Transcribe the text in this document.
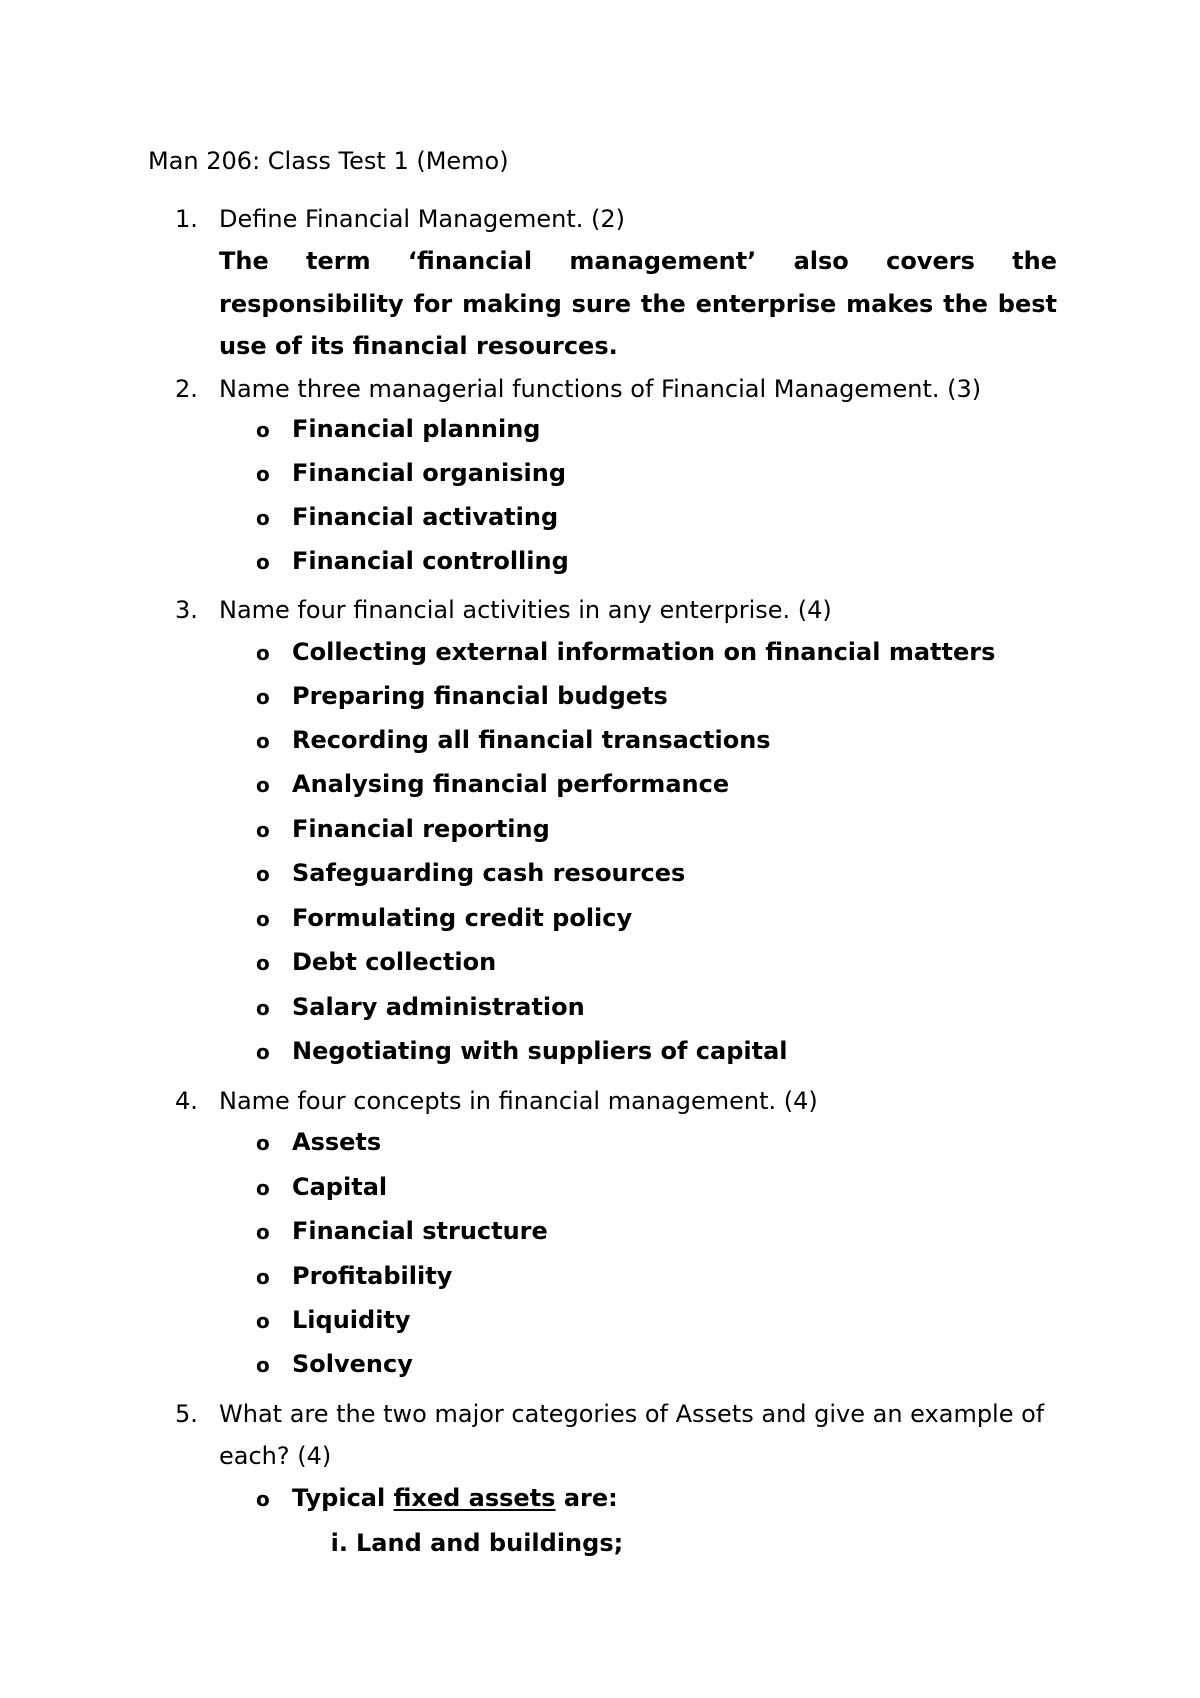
Man 206: Class Test 1 (Memo)
1. Define Financial Management. (2)
The term ‘financial management’ also covers the responsibility for making sure the enterprise makes the best use of its financial resources.
2. Name three managerial functions of Financial Management. (3)
o Financial planning
o Financial organising
o Financial activating
o Financial controlling
3. Name four financial activities in any enterprise. (4)
o Collecting external information on financial matters
o Preparing financial budgets
o Recording all financial transactions
o Analysing financial performance
o Financial reporting
o Safeguarding cash resources
o Formulating credit policy
o Debt collection
o Salary administration
o Negotiating with suppliers of capital
4. Name four concepts in financial management. (4)
o Assets
o Capital
o Financial structure
o Profitability
o Liquidity
o Solvency
5. What are the two major categories of Assets and give an example of
each? (4)
o Typical fixed assets are:
i. Land and buildings;
